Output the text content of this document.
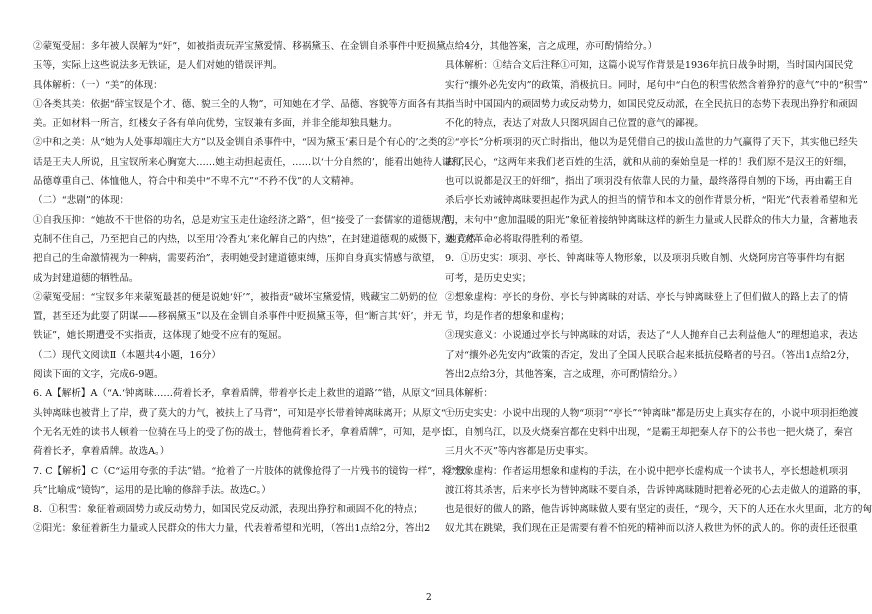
②蒙冤受屈：多年被人误解为“奸”，如被指责玩弄宝黛爱情、移祸黛玉、在金钏自杀事件中贬损黛
玉等，实际上这些说法多无铁证，是人们对她的错误评判。
具体解析：（一）“美”的体现：
①各类其美：依据“薛宝钗是个才、德、貌三全的人物”，可知她在才学、品德、容貌等方面各有其
美。正如材料一所言，红楼女子各有单向优势，宝钗兼有多面，并非全能却独具魅力。
②中和之美：从“她为人处事却端庄大方”以及金钏自杀事件中，“因为黛玉‘素日是个有心的’之类的
话是王夫人所说，且宝钗所来心胸宽大……她主动担起责任，……以‘十分自然的’，能看出她待人谦和，
品德尊重自己、体恤他人，符合中和美中“不卑不亢”“不矜不伐”的人文精神。
（二）“悲剧”的体现：
①自我压抑：“她故不干世俗的功名，总是劝宝玉走仕途经济之路”，但“接受了一套儒家的道德规范，
克制不住自己，乃至把自己的内热，以至用‘冷香丸’来化解自己的内热”，在封建道德观的威慑下，她竟然
把自己的生命激情视为一种病，需要药治”，表明她受封建道德束缚，压抑自身真实情感与欲望，
成为封建道德的牺牲品。
②蒙冤受屈：“宝钗多年来蒙冤最甚的便是说她‘奸’”，被指责“破坏宝黛爱情，贱藏宝二奶奶的位
置，甚至还为此耍了阴谋——移祸黛玉”以及在金钏自杀事件中贬损黛玉等，但“断言其‘奸’，并无
铁证”，她长期遭受不实指责，这体现了她受不应有的冤屈。
（二）现代文阅读Ⅱ（本题共4小题，16分）
阅读下面的文字，完成6-9题。
6. A【解析】A（“A.‘钟离昧……荷着长矛，拿着盾牌，带着亭长走上救世的道路’”错，从原文“回
头钟离昧也被背上了岸，费了莫大的力气，被扶上了马背”，可知是亭长带着钟离昧离开；从原文“一
个无名无姓的读书人顿着一位骑在马上的受了伤的战士，替他荷着长矛，拿着盾牌”，可知，是亭长
荷着长矛，拿着盾牌。故选A。）
7. C【解析】C（C“运用夸张的手法”错。“抢着了一片肢体的就像抢得了一片残书的镜钩一样”，将“汉
兵”比喻成“镜钩”，运用的是比喻的修辞手法。故选C。）
8．①积雪：象征着顽固势力或反动势力，如国民党反动派，表现出狰狞和顽固不化的特点；
②阳光：象征着新生力量或人民群众的伟大力量，代表着希望和光明，（答出1点给2分，答出2
点给4分，其他答案，言之成理，亦可酌情给分。）
具体解析：①结合文后注释①可知，这篇小说写作背景是1936年抗日战争时期，当时国内国民党
实行“攘外必先安内”的政策，消极抗日。同时，尾句中“白色的积雪依然含着狰狞的意气”中的“积雪”
指当时中国国内的顽固势力或反动势力，如国民党反动派，在全民抗日的态势下表现出狰狞和顽固
不化的特点，表达了对敌人只图巩固自己位置的意气的鄙视。
②“亭长”分析项羽的灭亡时指出，他以为是凭借自己的拔山盖世的力气赢得了天下，其实他已经失
去了民心，“这两年来我们老百姓的生活，就和从前的秦始皇是一样的！我们原不是汉王的奸细，
也可以说都是汉王的奸细”，指出了项羽没有依靠人民的力量，最终落得自刎的下场，再由霸王自
杀后亭长劝诫钟离昧要担起作为武人的担当的情节和本文的创作背景分析，“阳光”代表着希望和光
明，末句中“愈加温暖的阳光”象征着接纳钟离昧这样的新生力量或人民群众的伟大力量，含蓄地表
达了对革命必将取得胜利的希望。
9．①历史实：项羽、亭长、钟离昧等人物形象，以及项羽兵败自刎、火烧阿房宫等事件均有据
可考，是历史史实；
②想象虚构：亭长的身份、亭长与钟离昧的对话、亭长与钟离昧登上了但们做人的路上去了的情
节，均是作者的想象和虚构；
③现实意义：小说通过亭长与钟离昧的对话，表达了“人人抛弃自己去利益他人”的理想追求，表达
了对“攘外必先安内”政策的否定，发出了全国人民联合起来抵抗侵略者的号召。（答出1点给2分，
答出2点给3分，其他答案，言之成理，亦可酌情给分。）
具体解析：
①历史实史：小说中出现的人物“项羽”“亭长”“钟离昧”都是历史上真实存在的，小说中项羽拒绝渡
江，自刎乌江，以及火烧秦宫都在史料中出现，“是霸王却把秦人存下的公书也一把火烧了，秦宫
三月火不灭”等内容都是历史事实。
②想象虚构：作者运用想象和虚构的手法，在小说中把亭长虚构成一个读书人，亭长想趁机项羽
渡江将其杀害，后来亭长为替钟离昧不要自杀，告诉钟离昧随时把着必死的心去走做人的道路的事，
也是很好的做人的路，他告诉钟离昧做人要有坚定的责任，“现今，天下的人还在水火里面，北方的匈
奴尤其在跳梁，我们现在正是需要有着不怕死的精神而以济人救世为怀的武人的。你的责任还很重
2
